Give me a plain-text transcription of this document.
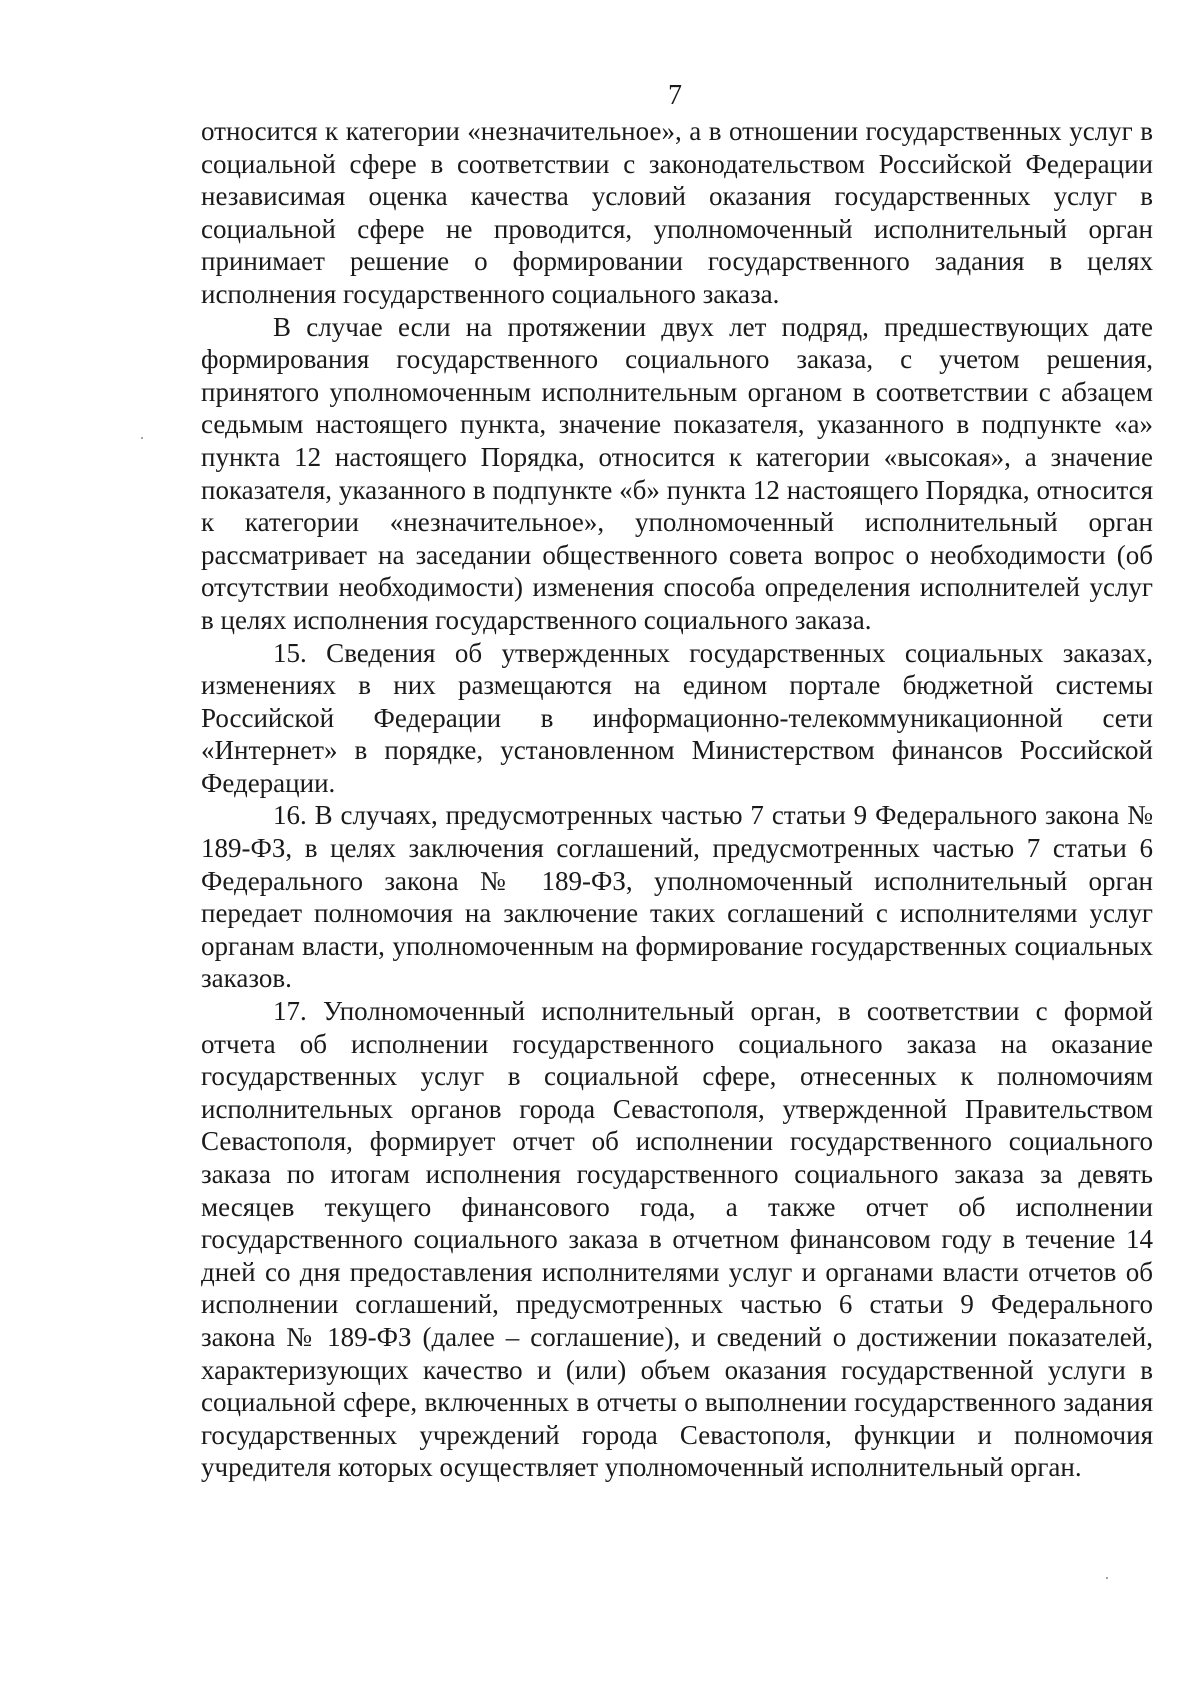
7

относится к категории «незначительное», а в отношении государственных услуг в социальной сфере в соответствии с законодательством Российской Федерации независимая оценка качества условий оказания государственных услуг в социальной сфере не проводится, уполномоченный исполнительный орган принимает решение о формировании государственного задания в целях исполнения государственного социального заказа.

В случае если на протяжении двух лет подряд, предшествующих дате формирования государственного социального заказа, с учетом решения, принятого уполномоченным исполнительным органом в соответствии с абзацем седьмым настоящего пункта, значение показателя, указанного в подпункте «а» пункта 12 настоящего Порядка, относится к категории «высокая», а значение показателя, указанного в подпункте «б» пункта 12 настоящего Порядка, относится к категории «незначительное», уполномоченный исполнительный орган рассматривает на заседании общественного совета вопрос о необходимости (об отсутствии необходимости) изменения способа определения исполнителей услуг в целях исполнения государственного социального заказа.

15. Сведения об утвержденных государственных социальных заказах, изменениях в них размещаются на едином портале бюджетной системы Российской Федерации в информационно-телекоммуникационной сети «Интернет» в порядке, установленном Министерством финансов Российской Федерации.

16. В случаях, предусмотренных частью 7 статьи 9 Федерального закона № 189-ФЗ, в целях заключения соглашений, предусмотренных частью 7 статьи 6 Федерального закона № 189-ФЗ, уполномоченный исполнительный орган передает полномочия на заключение таких соглашений с исполнителями услуг органам власти, уполномоченным на формирование государственных социальных заказов.

17. Уполномоченный исполнительный орган, в соответствии с формой отчета об исполнении государственного социального заказа на оказание государственных услуг в социальной сфере, отнесенных к полномочиям исполнительных органов города Севастополя, утвержденной Правительством Севастополя, формирует отчет об исполнении государственного социального заказа по итогам исполнения государственного социального заказа за девять месяцев текущего финансового года, а также отчет об исполнении государственного социального заказа в отчетном финансовом году в течение 14 дней со дня предоставления исполнителями услуг и органами власти отчетов об исполнении соглашений, предусмотренных частью 6 статьи 9 Федерального закона № 189-ФЗ (далее – соглашение), и сведений о достижении показателей, характеризующих качество и (или) объем оказания государственной услуги в социальной сфере, включенных в отчеты о выполнении государственного задания государственных учреждений города Севастополя, функции и полномочия учредителя которых осуществляет уполномоченный исполнительный орган.
